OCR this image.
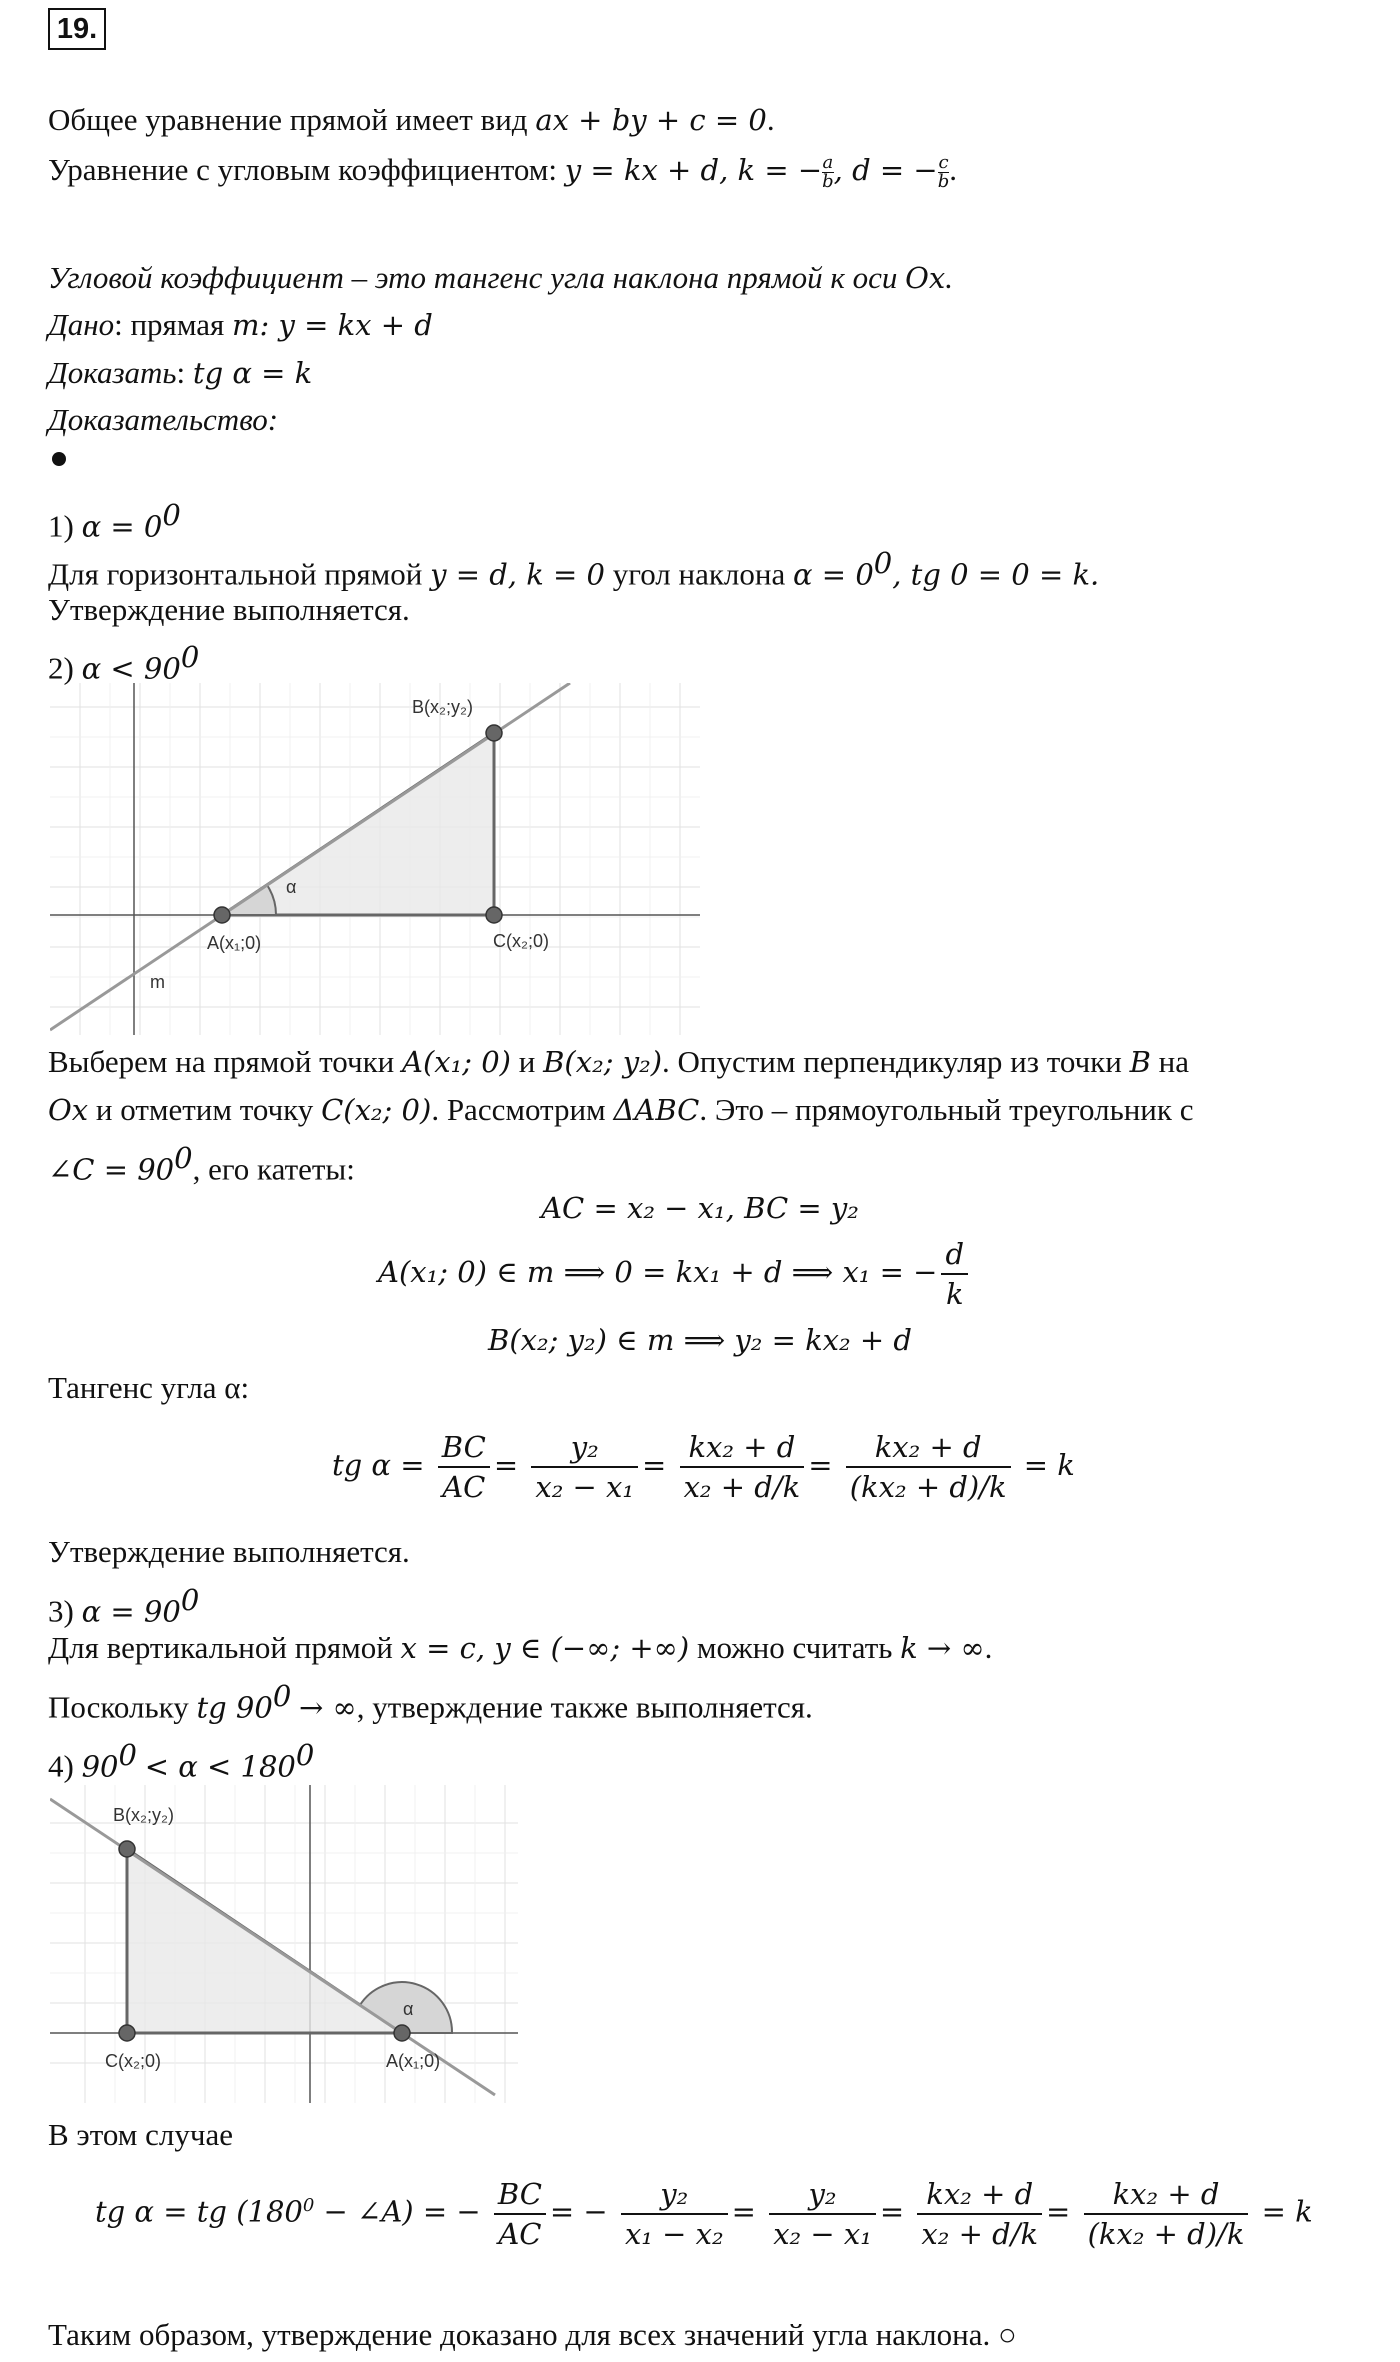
19.
Общее уравнение прямой имеет вид ax + by + c = 0.
Уравнение с угловым коэффициентом: y = kx + d, k = − $\frac{a}{b}$ , d = − $\frac{c}{b}$ .
Угловой коэффициент – это тангенс угла наклона прямой к оси Ox.
Дано: прямая m: y = kx + d
Доказать: tg α = k
Доказательство:
1) $\alpha = 0^0$
Для горизонтальной прямой y = d, k = 0 угол наклона $\alpha = 0^0$, tg 0 = 0 = k.
Утверждение выполняется.
2) $\alpha < 90^0$
B(x₂;y₂)
A(x₁;0)	C(x₂;0)
α
m
Выберем на прямой точки A(x₁; 0) и B(x₂; y₂). Опустим перпендикуляр из точки B на
Ox и отметим точку C(x₂; 0). Рассмотрим ΔABC. Это – прямоугольный треугольник с
∠C = $90^0$, его катеты:
AC = x₂ − x₁, BC = y₂
A(x₁; 0) ∈ m ⟹ 0 = kx₁ + d ⟹ x₁ = − $\frac{d}{k}$
B(x₂; y₂) ∈ m ⟹ y₂ = kx₂ + d
Тангенс угла α:
tg $\alpha = \frac{BC}{AC} = \frac{\text{y₂}}{\text{x₂ − x₁}} = \frac{\text{kx₂ + d}}{\text{x₂ + d/k}} = \frac{\text{kx₂ + d}}{\text{(kx₂ + d)/k}} = k$
Утверждение выполняется.
3) $\alpha = 90^0$
Для вертикальной прямой x = c, y ∈ (−∞; +∞) можно считать k → ∞.
Поскольку tg $90^0$ → ∞, утверждение также выполняется.
4) $90^0 < \alpha < 180^0$
B(x₂;y₂)
C(x₂;0)	A(x₁;0)
α
В этом случае
tg α = tg ($180^0$ − ∠A) = − $\frac{BC}{AC}$ = − $\frac{\text{y₂}}{\text{x₁ − x₂}} = \frac{\text{y₂}}{\text{x₂ − x₁}} = \frac{\text{kx₂ + d}}{\text{x₂ + d/k}} = \frac{\text{kx₂ + d}}{\text{(kx₂ + d)/k}} = k$
Таким образом, утверждение доказано для всех значений угла наклона. ○
